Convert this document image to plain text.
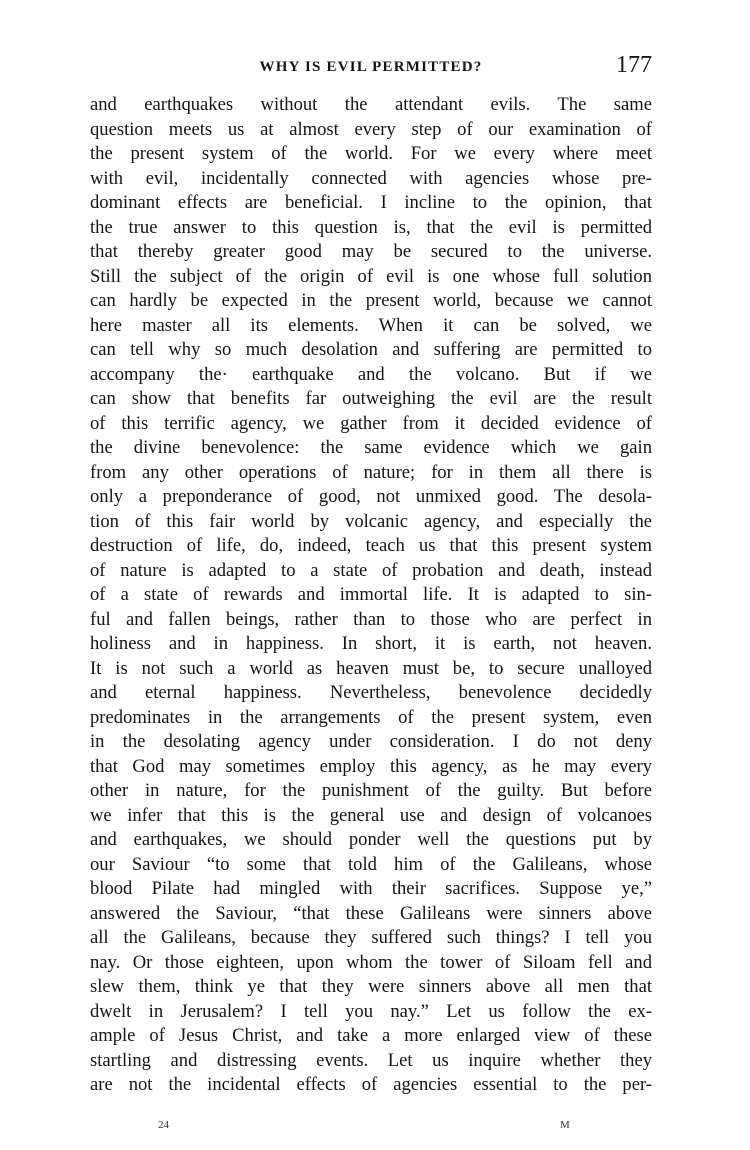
WHY IS EVIL PERMITTED?	177
and earthquakes without the attendant evils. The same
question meets us at almost every step of our examination of
the present system of the world. For we every where meet
with evil, incidentally connected with agencies whose pre-
dominant effects are beneficial. I incline to the opinion, that
the true answer to this question is, that the evil is permitted
that thereby greater good may be secured to the universe.
Still the subject of the origin of evil is one whose full solution
can hardly be expected in the present world, because we cannot
here master all its elements. When it can be solved, we
can tell why so much desolation and suffering are permitted to
accompany the· earthquake and the volcano. But if we
can show that benefits far outweighing the evil are the result
of this terrific agency, we gather from it decided evidence of
the divine benevolence: the same evidence which we gain
from any other operations of nature; for in them all there is
only a preponderance of good, not unmixed good. The desola-
tion of this fair world by volcanic agency, and especially the
destruction of life, do, indeed, teach us that this present system
of nature is adapted to a state of probation and death, instead
of a state of rewards and immortal life. It is adapted to sin-
ful and fallen beings, rather than to those who are perfect in
holiness and in happiness. In short, it is earth, not heaven.
It is not such a world as heaven must be, to secure unalloyed
and eternal happiness. Nevertheless, benevolence decidedly
predominates in the arrangements of the present system, even
in the desolating agency under consideration. I do not deny
that God may sometimes employ this agency, as he may every
other in nature, for the punishment of the guilty. But before
we infer that this is the general use and design of volcanoes
and earthquakes, we should ponder well the questions put by
our Saviour “to some that told him of the Galileans, whose
blood Pilate had mingled with their sacrifices. Suppose ye,”
answered the Saviour, “that these Galileans were sinners above
all the Galileans, because they suffered such things? I tell you
nay. Or those eighteen, upon whom the tower of Siloam fell and
slew them, think ye that they were sinners above all men that
dwelt in Jerusalem? I tell you nay.” Let us follow the ex-
ample of Jesus Christ, and take a more enlarged view of these
startling and distressing events. Let us inquire whether they
are not the incidental effects of agencies essential to the per-
24	M
